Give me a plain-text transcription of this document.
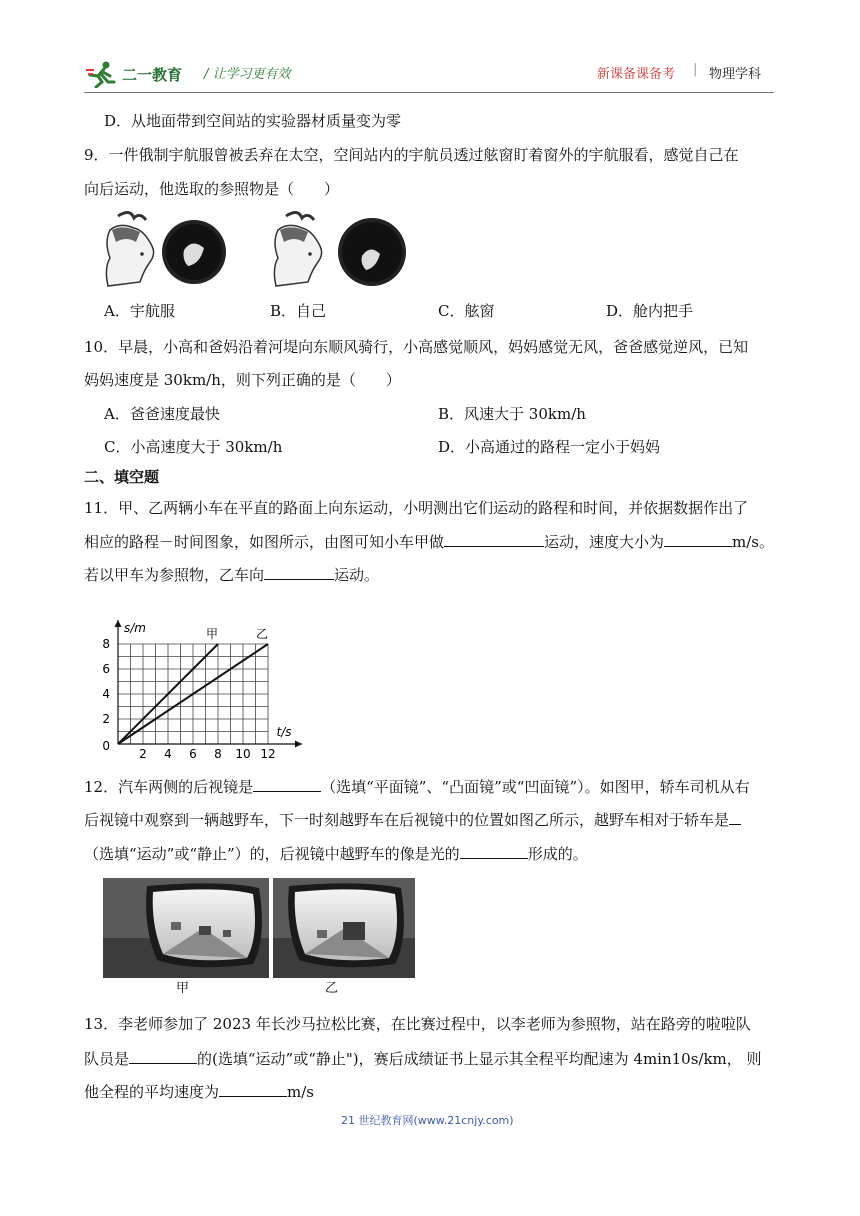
二一教育 / 让学习更有效	新课备课备考 | 物理学科
D．从地面带到空间站的实验器材质量变为零
9．一件俄制宇航服曾被丢弃在太空，空间站内的宇航员透过舷窗盯着窗外的宇航服看，感觉自己在
向后运动，他选取的参照物是（　　）
A．宇航服	B．自己	C．舷窗	D．舱内把手
10．早晨，小高和爸妈沿着河堤向东顺风骑行，小高感觉顺风，妈妈感觉无风，爸爸感觉逆风，已知
妈妈速度是 30km/h，则下列正确的是（　　）
A．爸爸速度最快	B．风速大于 30km/h
C．小高速度大于 30km/h	D．小高通过的路程一定小于妈妈
二、填空题
11．甲、乙两辆小车在平直的路面上向东运动，小明测出它们运动的路程和时间，并依据数据作出了
相应的路程－时间图象，如图所示，由图可知小车甲做	运动，速度大小为	m/s。
若以甲车为参照物，乙车向	运动。
2 4 6 8 10 12
2
4
6
8
0
t/s
s/m	甲	乙
12．汽车两侧的后视镜是	（选填“平面镜”、“凸面镜”或“凹面镜”）。如图甲，轿车司机从右
后视镜中观察到一辆越野车，下一时刻越野车在后视镜中的位置如图乙所示，越野车相对于轿车是
（选填“运动”或“静止”）的，后视镜中越野车的像是光的	形成的。
甲	乙
13．李老师参加了 2023 年长沙马拉松比赛，在比赛过程中，以李老师为参照物，站在路旁的啦啦队
队员是	的(选填“运动”或“静止")，赛后成绩证书上显示其全程平均配速为 4min10s/km， 则
他全程的平均速度为	m/s
21 世纪教育网(www.21cnjy.com)
